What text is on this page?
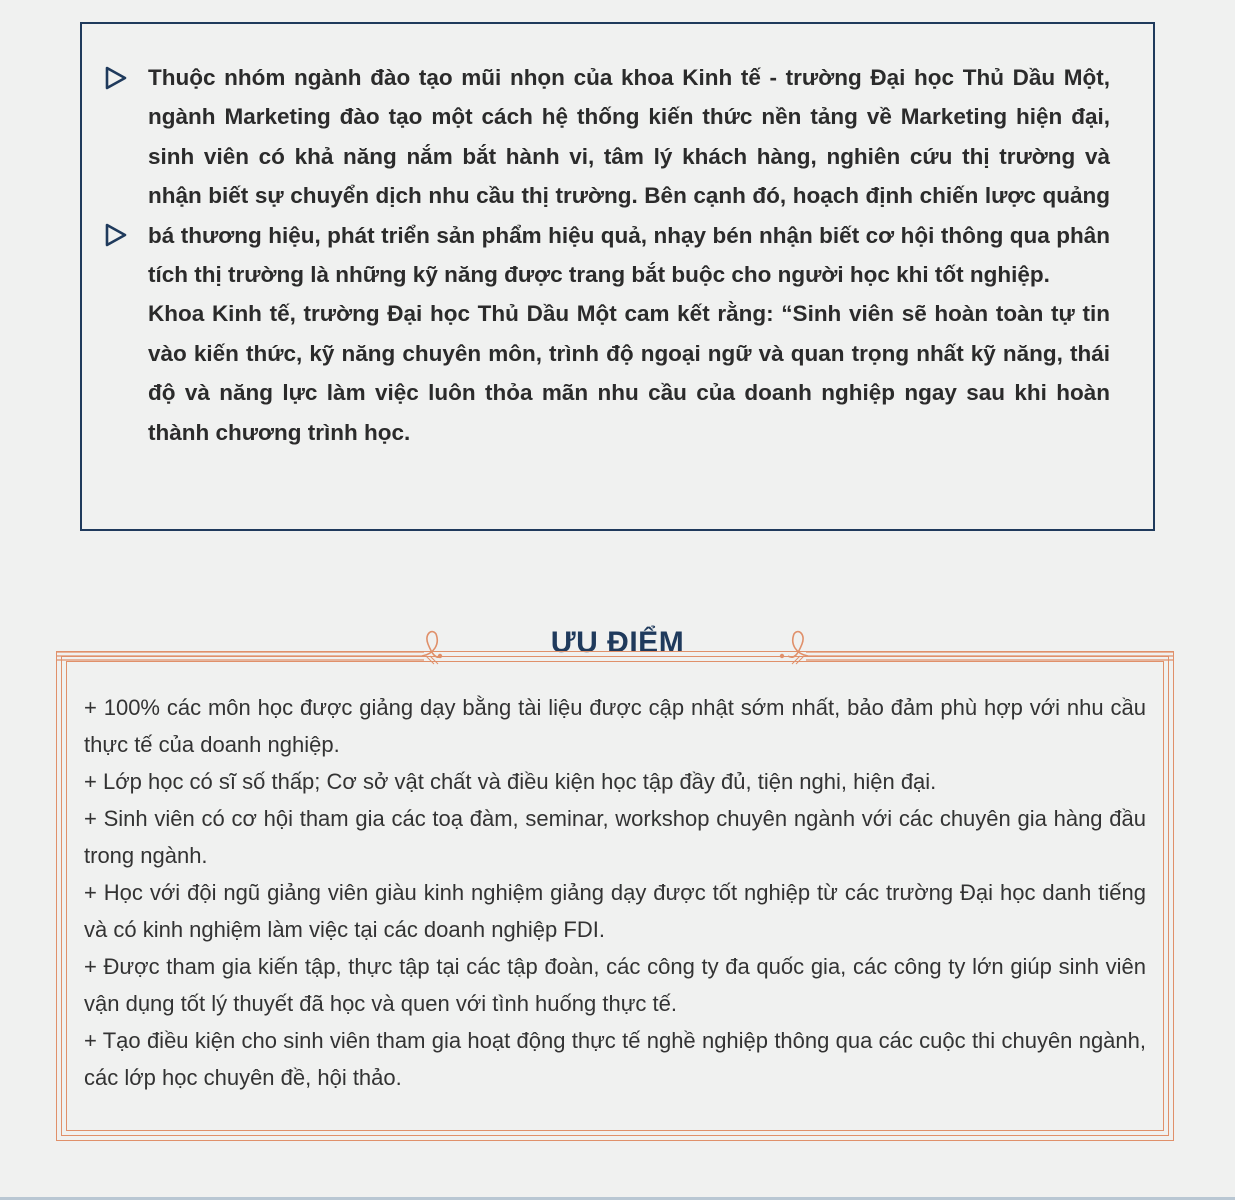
Thuộc nhóm ngành đào tạo mũi nhọn của khoa Kinh tế - trường Đại học Thủ Dầu Một, ngành Marketing đào tạo một cách hệ thống kiến thức nền tảng về Marketing hiện đại, sinh viên có khả năng nắm bắt hành vi, tâm lý khách hàng, nghiên cứu thị trường và nhận biết sự chuyển dịch nhu cầu thị trường. Bên cạnh đó, hoạch định chiến lược quảng bá thương hiệu, phát triển sản phẩm hiệu quả, nhạy bén nhận biết cơ hội thông qua phân tích thị trường là những kỹ năng được trang bắt buộc cho người học khi tốt nghiệp.

Khoa Kinh tế, trường Đại học Thủ Dầu Một cam kết rằng: “Sinh viên sẽ hoàn toàn tự tin vào kiến thức, kỹ năng chuyên môn, trình độ ngoại ngữ và quan trọng nhất kỹ năng, thái độ và năng lực làm việc luôn thỏa mãn nhu cầu của doanh nghiệp ngay sau khi hoàn thành chương trình học.

ƯU ĐIỂM
+ 100% các môn học được giảng dạy bằng tài liệu được cập nhật sớm nhất, bảo đảm phù hợp với nhu cầu thực tế của doanh nghiệp.
+ Lớp học có sĩ số thấp; Cơ sở vật chất và điều kiện học tập đầy đủ, tiện nghi, hiện đại.
+ Sinh viên có cơ hội tham gia các toạ đàm, seminar, workshop chuyên ngành với các chuyên gia hàng đầu trong ngành.
+ Học với đội ngũ giảng viên giàu kinh nghiệm giảng dạy được tốt nghiệp từ các trường Đại học danh tiếng và có kinh nghiệm làm việc tại các doanh nghiệp FDI.
+ Được tham gia kiến tập, thực tập tại các tập đoàn, các công ty đa quốc gia, các công ty lớn giúp sinh viên vận dụng tốt lý thuyết đã học và quen với tình huống thực tế.
+ Tạo điều kiện cho sinh viên tham gia hoạt động thực tế nghề nghiệp thông qua các cuộc thi chuyên ngành, các lớp học chuyên đề, hội thảo.
